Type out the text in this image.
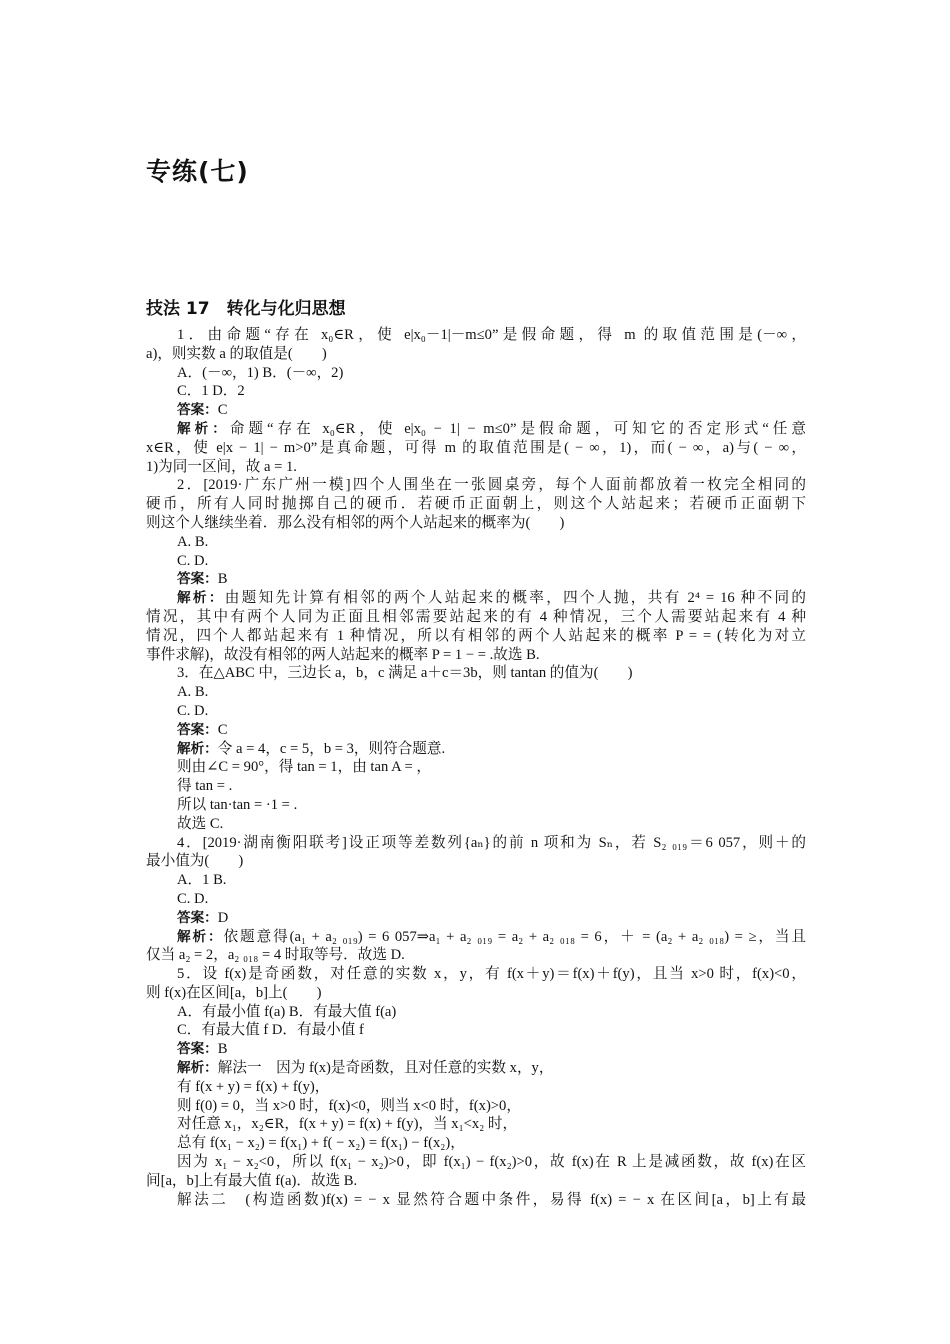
专练(七)
技法 17　转化与化归思想
1．由命题“存在 x₀∈R，使 e|x₀－1|－m≤0”是假命题，得 m 的取值范围是(－∞，
a)，则实数 a 的取值是(　　)
A．(－∞，1) B．(－∞，2)
C．1 D．2
答案：C
解析：命题“存在 x₀∈R，使 e|x₀ − 1| − m≤0”是假命题，可知它的否定形式“任意
x∈R，使 e|x − 1| − m>0”是真命题，可得 m 的取值范围是( − ∞，1)，而( − ∞，a)与( − ∞，
1)为同一区间，故 a = 1.
2．[2019·广东广州一模]四个人围坐在一张圆桌旁，每个人面前都放着一枚完全相同的
硬币，所有人同时抛掷自己的硬币．若硬币正面朝上，则这个人站起来；若硬币正面朝下
则这个人继续坐着．那么没有相邻的两个人站起来的概率为(　　)
A. B.
C. D.
答案：B
解析：由题知先计算有相邻的两个人站起来的概率，四个人抛，共有 2⁴ = 16 种不同的
情况，其中有两个人同为正面且相邻需要站起来的有 4 种情况，三个人需要站起来有 4 种
情况，四个人都站起来有 1 种情况，所以有相邻的两个人站起来的概率 P = = (转化为对立
事件求解)，故没有相邻的两人站起来的概率 P = 1 − = .故选 B.
3．在△ABC 中，三边长 a，b，c 满足 a＋c＝3b，则 tantan 的值为(　　)
A. B.
C. D.
答案：C
解析：令 a = 4，c = 5，b = 3，则符合题意.
则由∠C = 90°，得 tan = 1，由 tan A = ，
得 tan = .
所以 tan·tan = ·1 = .
故选 C.
4．[2019·湖南衡阳联考]设正项等差数列{aₙ}的前 n 项和为 Sₙ，若 S₂ ₀₁₉＝6 057，则＋的
最小值为(　　)
A．1 B.
C. D.
答案：D
解析：依题意得(a₁ + a₂ ₀₁₉) = 6 057⇒a₁ + a₂ ₀₁₉ = a₂ + a₂ ₀₁₈ = 6，＋ = (a₂ + a₂ ₀₁₈) = ≥，当且
仅当 a₂ = 2，a₂ ₀₁₈ = 4 时取等号．故选 D.
5．设 f(x)是奇函数，对任意的实数 x，y，有 f(x＋y)＝f(x)＋f(y)，且当 x>0 时，f(x)<0，
则 f(x)在区间[a，b]上(　　)
A．有最小值 f(a) B．有最大值 f(a)
C．有最大值 f D．有最小值 f
答案：B
解析：解法一　因为 f(x)是奇函数，且对任意的实数 x，y，
有 f(x + y) = f(x) + f(y)，
则 f(0) = 0，当 x>0 时，f(x)<0，则当 x<0 时，f(x)>0，
对任意 x₁，x₂∈R，f(x + y) = f(x) + f(y)，当 x₁<x₂ 时，
总有 f(x₁ − x₂) = f(x₁) + f( − x₂) = f(x₁) − f(x₂)，
因为 x₁ − x₂<0，所以 f(x₁ − x₂)>0，即 f(x₁) − f(x₂)>0，故 f(x)在 R 上是减函数，故 f(x)在区
间[a，b]上有最大值 f(a)．故选 B.
解法二　(构造函数)f(x) = − x 显然符合题中条件，易得 f(x) = − x 在区间[a，b]上有最
